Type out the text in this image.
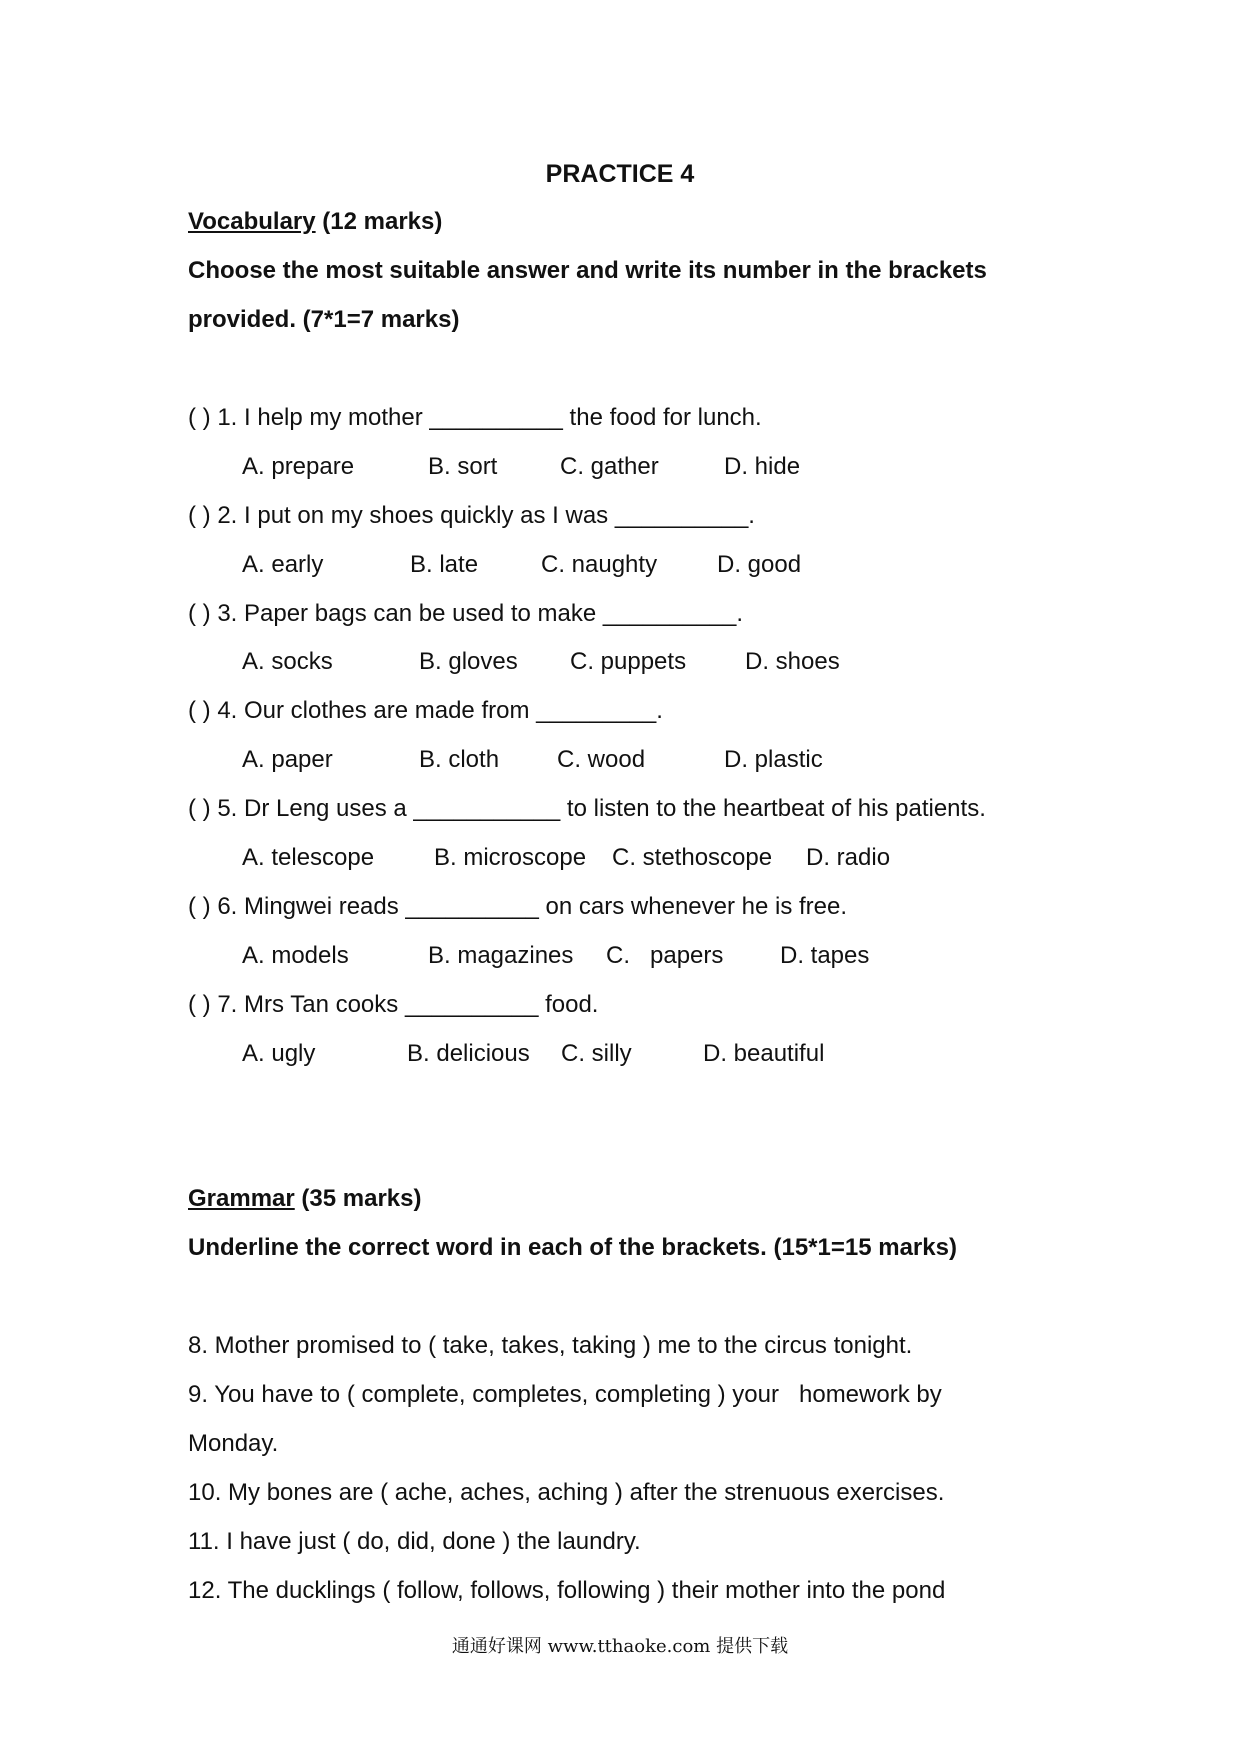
PRACTICE 4
Vocabulary (12 marks)
Choose the most suitable answer and write its number in the brackets
provided. (7*1=7 marks)
( ) 1. I help my mother __________ the food for lunch.
A. prepare	B. sort	C. gather	D. hide
( ) 2. I put on my shoes quickly as I was __________.
A. early	B. late	C. naughty D. good
( ) 3. Paper bags can be used to make __________.
A. socks	B. gloves C. puppets D. shoes
( ) 4. Our clothes are made from _________.
A. paper	B. cloth C. wood	D. plastic
( ) 5. Dr Leng uses a ___________ to listen to the heartbeat of his patients.
A. telescope B. microscope C. stethoscope D. radio
( ) 6. Mingwei reads __________ on cars whenever he is free.
A. models	B. magazines C.   papers D. tapes
( ) 7. Mrs Tan cooks __________ food.
A. ugly	B. delicious C. silly	D. beautiful
Grammar (35 marks)
Underline the correct word in each of the brackets. (15*1=15 marks)
8. Mother promised to ( take, takes, taking ) me to the circus tonight.
9. You have to ( complete, completes, completing ) your   homework by
Monday.
10. My bones are ( ache, aches, aching ) after the strenuous exercises.
11. I have just ( do, did, done ) the laundry.
12. The ducklings ( follow, follows, following ) their mother into the pond
通通好课网 www.tthaoke.com 提供下载
